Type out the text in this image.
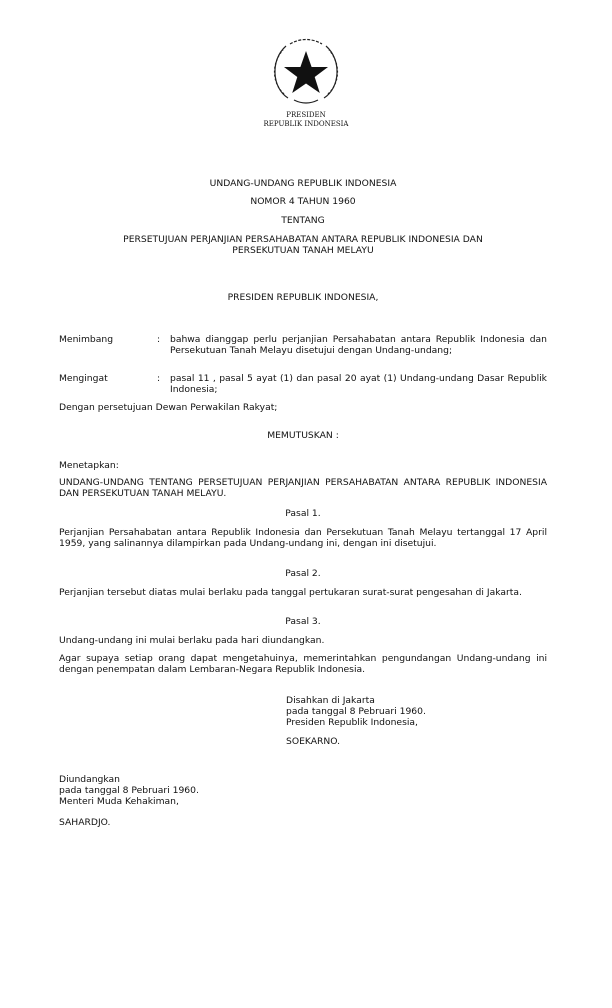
PRESIDEN
REPUBLIK INDONESIA
UNDANG-UNDANG REPUBLIK INDONESIA
NOMOR 4 TAHUN 1960
TENTANG
PERSETUJUAN PERJANJIAN PERSAHABATAN ANTARA REPUBLIK INDONESIA DAN
PERSEKUTUAN TANAH MELAYU
PRESIDEN REPUBLIK INDONESIA,
Menimbang	: bahwa dianggap perlu perjanjian Persahabatan antara Republik Indonesia dan Persekutuan Tanah Melayu disetujui dengan Undang-undang;
Mengingat	: pasal 11 , pasal 5 ayat (1) dan pasal 20 ayat (1) Undang-undang Dasar Republik Indonesia;
Dengan persetujuan Dewan Perwakilan Rakyat;
MEMUTUSKAN :
Menetapkan:
UNDANG-UNDANG TENTANG PERSETUJUAN PERJANJIAN PERSAHABATAN ANTARA REPUBLIK INDONESIA DAN PERSEKUTUAN TANAH MELAYU.
Pasal 1.
Perjanjian Persahabatan antara Republik Indonesia dan Persekutuan Tanah Melayu tertanggal 17 April 1959, yang salinannya dilampirkan pada Undang-undang ini, dengan ini disetujui.
Pasal 2.
Perjanjian tersebut diatas mulai berlaku pada tanggal pertukaran surat-surat pengesahan di Jakarta.
Pasal 3.
Undang-undang ini mulai berlaku pada hari diundangkan.
Agar supaya setiap orang dapat mengetahuinya, memerintahkan pengundangan Undang-undang ini dengan penempatan dalam Lembaran-Negara Republik Indonesia.
Disahkan di Jakarta
pada tanggal 8 Pebruari 1960.
Presiden Republik Indonesia,
SOEKARNO.
Diundangkan
pada tanggal 8 Pebruari 1960.
Menteri Muda Kehakiman,
SAHARDJO.
